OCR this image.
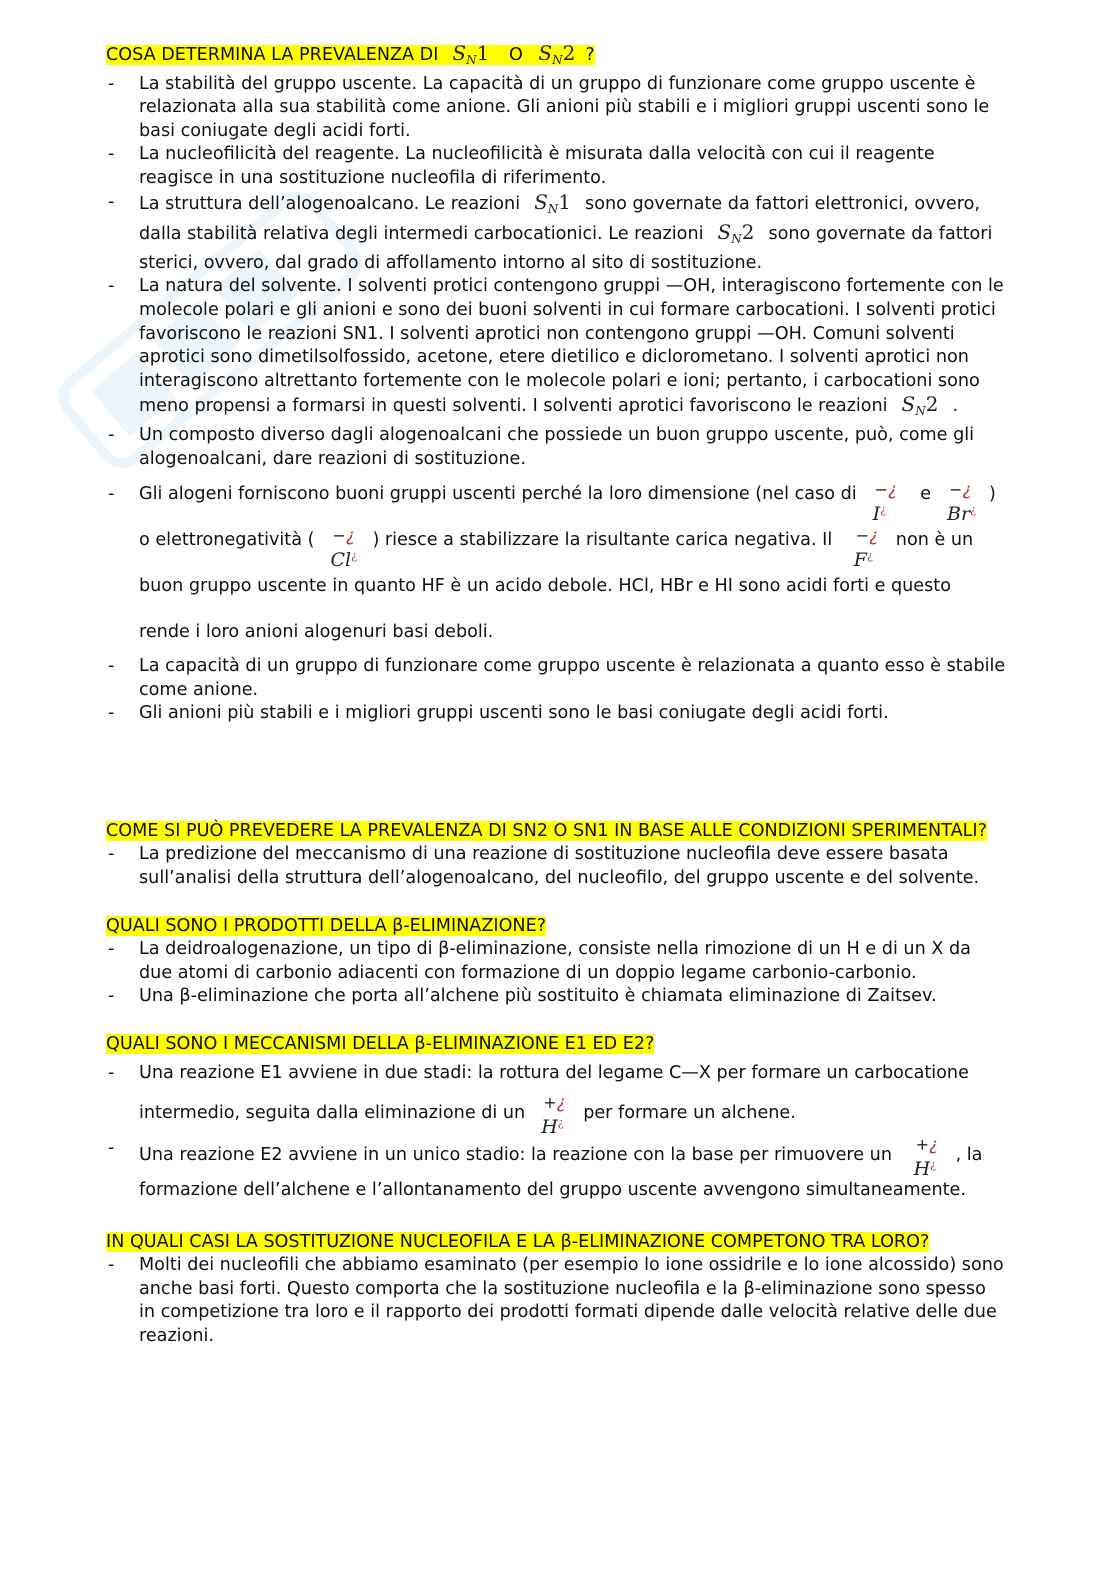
COSA DETERMINA LA PREVALENZA DI $S_N1$ O $S_N2$ ?
- La stabilità del gruppo uscente. La capacità di un gruppo di funzionare come gruppo uscente è relazionata alla sua stabilità come anione. Gli anioni più stabili e i migliori gruppi uscenti sono le basi coniugate degli acidi forti.
- La nucleofilicità del reagente. La nucleofilicità è misurata dalla velocità con cui il reagente reagisce in una sostituzione nucleofila di riferimento.
- La struttura dell’alogenoalcano. Le reazioni $S_N1$ sono governate da fattori elettronici, ovvero, dalla stabilità relativa degli intermedi carbocationici. Le reazioni $S_N2$ sono governate da fattori sterici, ovvero, dal grado di affollamento intorno al sito di sostituzione.
- La natura del solvente. I solventi protici contengono gruppi —OH, interagiscono fortemente con le molecole polari e gli anioni e sono dei buoni solventi in cui formare carbocationi. I solventi protici favoriscono le reazioni SN1. I solventi aprotici non contengono gruppi —OH. Comuni solventi aprotici sono dimetilsolfossido, acetone, etere dietilico e diclorometano. I solventi aprotici non interagiscono altrettanto fortemente con le molecole polari e ioni; pertanto, i carbocationi sono meno propensi a formarsi in questi solventi. I solventi aprotici favoriscono le reazioni $S_N2$ .
- Un composto diverso dagli alogenoalcani che possiede un buon gruppo uscente, può, come gli alogenoalcani, dare reazioni di sostituzione.
- Gli alogeni forniscono buoni gruppi uscenti perché la loro dimensione (nel caso di −¿
I¿
e −¿
Br¿
) o elettronegatività ( −¿
Cl¿
) riesce a stabilizzare la risultante carica negativa. Il −¿
F¿
non è un buon gruppo uscente in quanto HF è un acido debole. HCl, HBr e HI sono acidi forti e questo rende i loro anioni alogenuri basi deboli.
- La capacità di un gruppo di funzionare come gruppo uscente è relazionata a quanto esso è stabile come anione.
- Gli anioni più stabili e i migliori gruppi uscenti sono le basi coniugate degli acidi forti.
COME SI PUÒ PREVEDERE LA PREVALENZA DI SN2 O SN1 IN BASE ALLE CONDIZIONI SPERIMENTALI?
- La predizione del meccanismo di una reazione di sostituzione nucleofila deve essere basata sull’analisi della struttura dell’alogenoalcano, del nucleofilo, del gruppo uscente e del solvente.
QUALI SONO I PRODOTTI DELLA β-ELIMINAZIONE?
- La deidroalogenazione, un tipo di β-eliminazione, consiste nella rimozione di un H e di un X da due atomi di carbonio adiacenti con formazione di un doppio legame carbonio-carbonio.
- Una β-eliminazione che porta all’alchene più sostituito è chiamata eliminazione di Zaitsev.
QUALI SONO I MECCANISMI DELLA β-ELIMINAZIONE E1 ED E2?
- Una reazione E1 avviene in due stadi: la rottura del legame C—X per formare un carbocatione intermedio, seguita dalla eliminazione di un
+¿
H¿ per formare un alchene.
- Una reazione E2 avviene in un unico stadio: la reazione con la base per rimuovere un
+¿
H¿ , la formazione dell’alchene e l’allontanamento del gruppo uscente avvengono simultaneamente.
IN QUALI CASI LA SOSTITUZIONE NUCLEOFILA E LA β-ELIMINAZIONE COMPETONO TRA LORO?
- Molti dei nucleofili che abbiamo esaminato (per esempio lo ione ossidrile e lo ione alcossido) sono anche basi forti. Questo comporta che la sostituzione nucleofila e la β-eliminazione sono spesso in competizione tra loro e il rapporto dei prodotti formati dipende dalle velocità relative delle due reazioni.
